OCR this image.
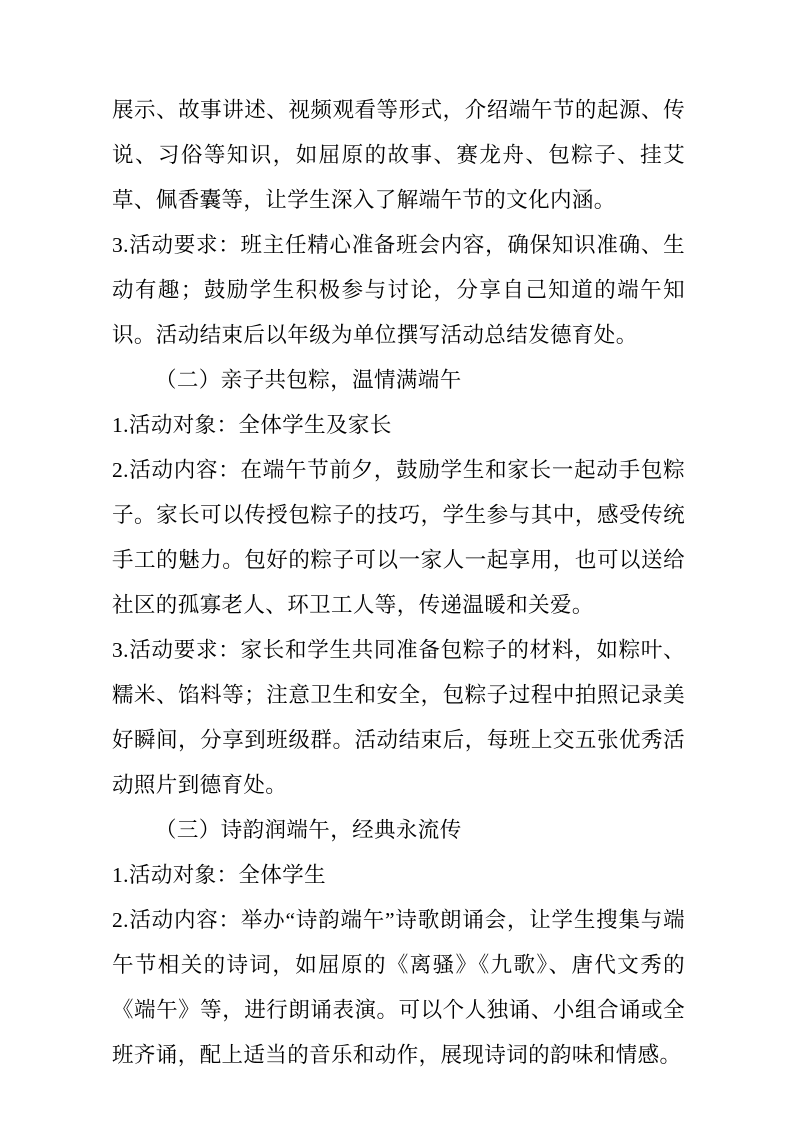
展示、故事讲述、视频观看等形式，介绍端午节的起源、传说、习俗等知识，如屈原的故事、赛龙舟、包粽子、挂艾草、佩香囊等，让学生深入了解端午节的文化内涵。

3.活动要求：班主任精心准备班会内容，确保知识准确、生动有趣；鼓励学生积极参与讨论，分享自己知道的端午知识。活动结束后以年级为单位撰写活动总结发德育处。

（二）亲子共包粽，温情满端午

1.活动对象：全体学生及家长

2.活动内容：在端午节前夕，鼓励学生和家长一起动手包粽子。家长可以传授包粽子的技巧，学生参与其中，感受传统手工的魅力。包好的粽子可以一家人一起享用，也可以送给社区的孤寡老人、环卫工人等，传递温暖和关爱。

3.活动要求：家长和学生共同准备包粽子的材料，如粽叶、糯米、馅料等；注意卫生和安全，包粽子过程中拍照记录美好瞬间，分享到班级群。活动结束后，每班上交五张优秀活动照片到德育处。

（三）诗韵润端午，经典永流传

1.活动对象：全体学生

2.活动内容：举办“诗韵端午”诗歌朗诵会，让学生搜集与端午节相关的诗词，如屈原的《离骚》《九歌》、唐代文秀的《端午》等，进行朗诵表演。可以个人独诵、小组合诵或全班齐诵，配上适当的音乐和动作，展现诗词的韵味和情感。
